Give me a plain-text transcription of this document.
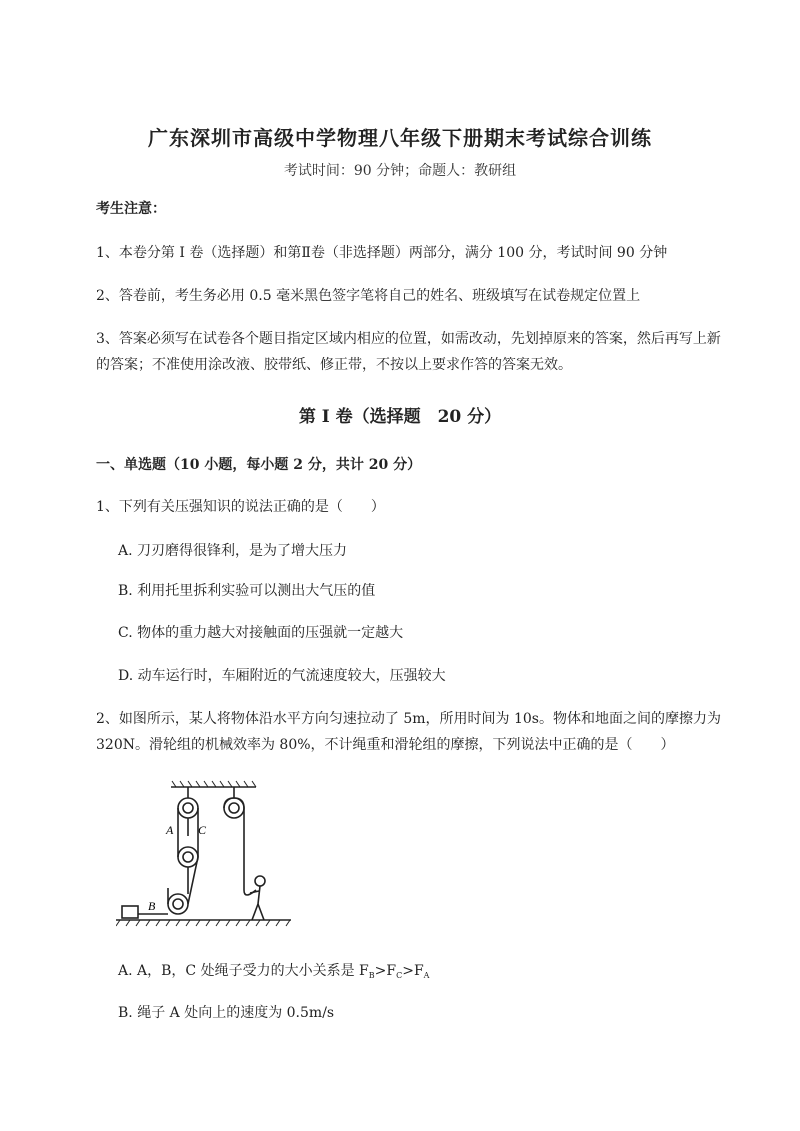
广东深圳市高级中学物理八年级下册期末考试综合训练
考试时间：90 分钟；命题人：教研组
考生注意：
1、本卷分第 I 卷（选择题）和第Ⅱ卷（非选择题）两部分，满分 100 分，考试时间 90 分钟
2、答卷前，考生务必用 0.5 毫米黑色签字笔将自己的姓名、班级填写在试卷规定位置上
3、答案必须写在试卷各个题目指定区域内相应的位置，如需改动，先划掉原来的答案，然后再写上新
的答案；不准使用涂改液、胶带纸、修正带，不按以上要求作答的答案无效。
第 I 卷（选择题　20 分）
一、单选题（10 小题，每小题 2 分，共计 20 分）
1、下列有关压强知识的说法正确的是（　　）
A. 刀刃磨得很锋利，是为了增大压力
B. 利用托里拆利实验可以测出大气压的值
C. 物体的重力越大对接触面的压强就一定越大
D. 动车运行时，车厢附近的气流速度较大，压强较大
2、如图所示，某人将物体沿水平方向匀速拉动了 5m，所用时间为 10s。物体和地面之间的摩擦力为
320N。滑轮组的机械效率为 80%，不计绳重和滑轮组的摩擦，下列说法中正确的是（　　）
A C
B
A. A，B，C 处绳子受力的大小关系是 $F_B>F_C>F_A$
B. 绳子 A 处向上的速度为 0.5m/s
